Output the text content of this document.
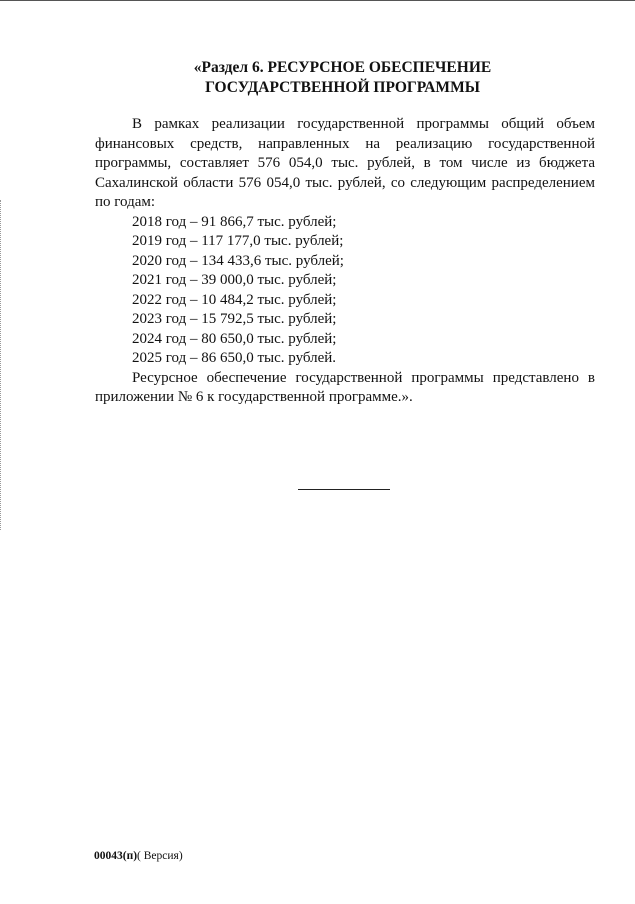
«Раздел 6. РЕСУРСНОЕ ОБЕСПЕЧЕНИЕ
ГОСУДАРСТВЕННОЙ ПРОГРАММЫ

В рамках реализации государственной программы общий объем финансовых средств, направленных на реализацию государственной программы, составляет 576 054,0 тыс. рублей, в том числе из бюджета Сахалинской области 576 054,0 тыс. рублей, со следующим распределением по годам:

2018 год – 91 866,7 тыс. рублей;
2019 год – 117 177,0 тыс. рублей;
2020 год – 134 433,6 тыс. рублей;
2021 год – 39 000,0 тыс. рублей;
2022 год – 10 484,2 тыс. рублей;
2023 год – 15 792,5 тыс. рублей;
2024 год – 80 650,0 тыс. рублей;
2025 год – 86 650,0 тыс. рублей.

Ресурсное обеспечение государственной программы представлено в приложении № 6 к государственной программе.».

00043(п)( Версия)
